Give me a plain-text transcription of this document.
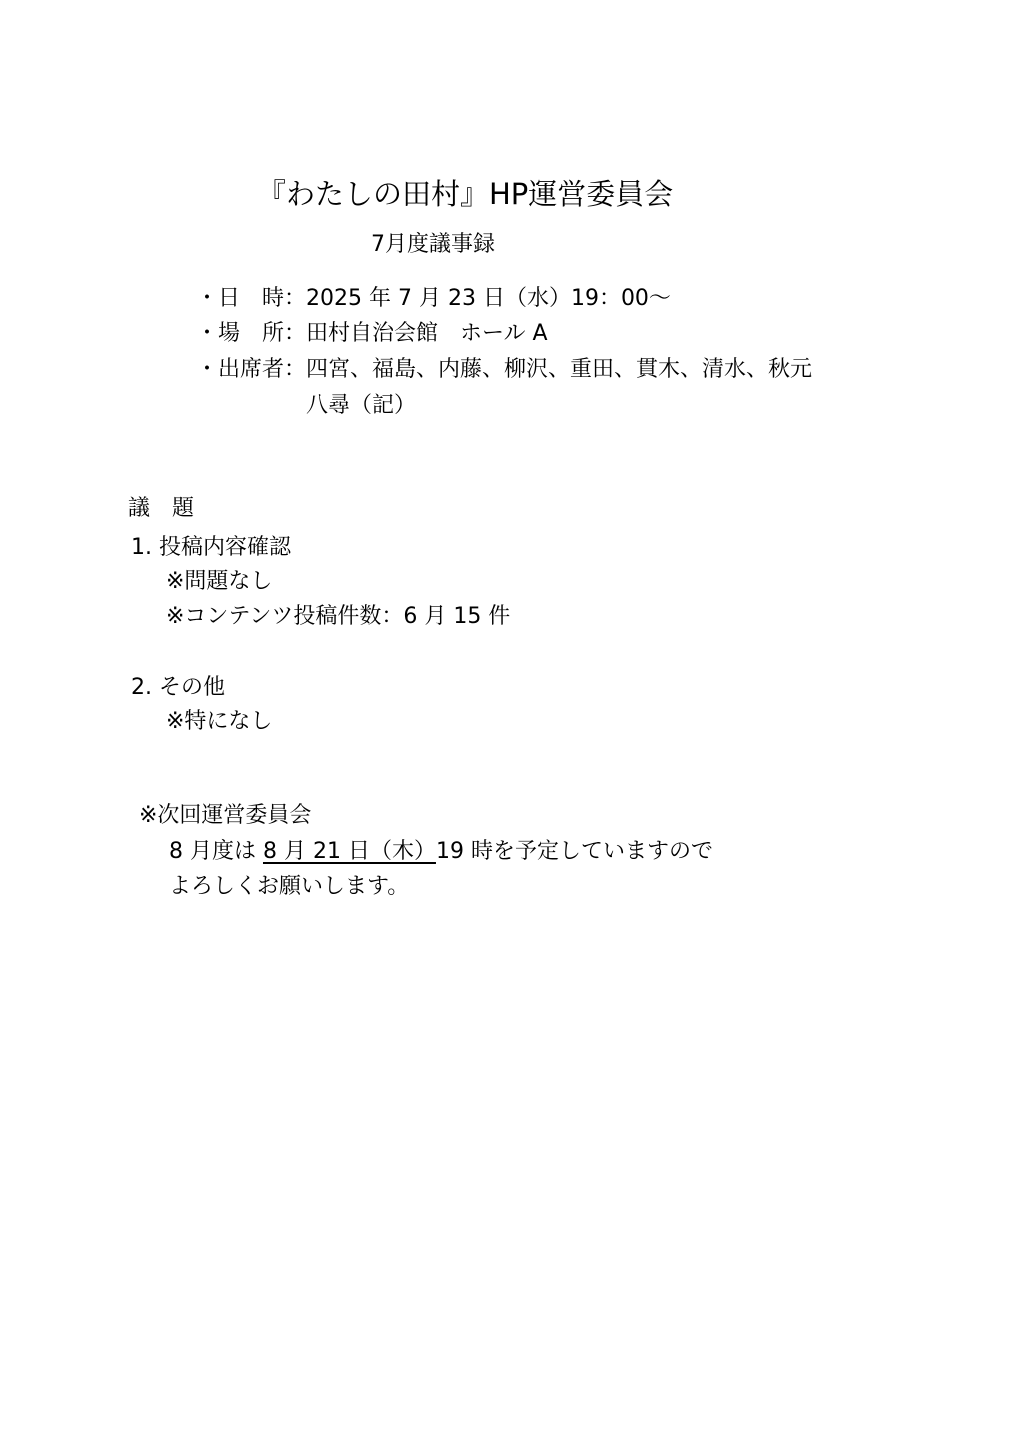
『わたしの田村』HP運営委員会
7月度議事録
・日　時：2025 年 7 月 23 日（水）19：00～
・場　所：田村自治会館　ホール A
・出席者：四宮、福島、内藤、柳沢、重田、貫木、清水、秋元
八尋（記）
議　題
1. 投稿内容確認
※問題なし
※コンテンツ投稿件数：6 月 15 件
2. その他
※特になし
※次回運営委員会
8 月度は 8 月 21 日（木）19 時を予定していますので
よろしくお願いします。
